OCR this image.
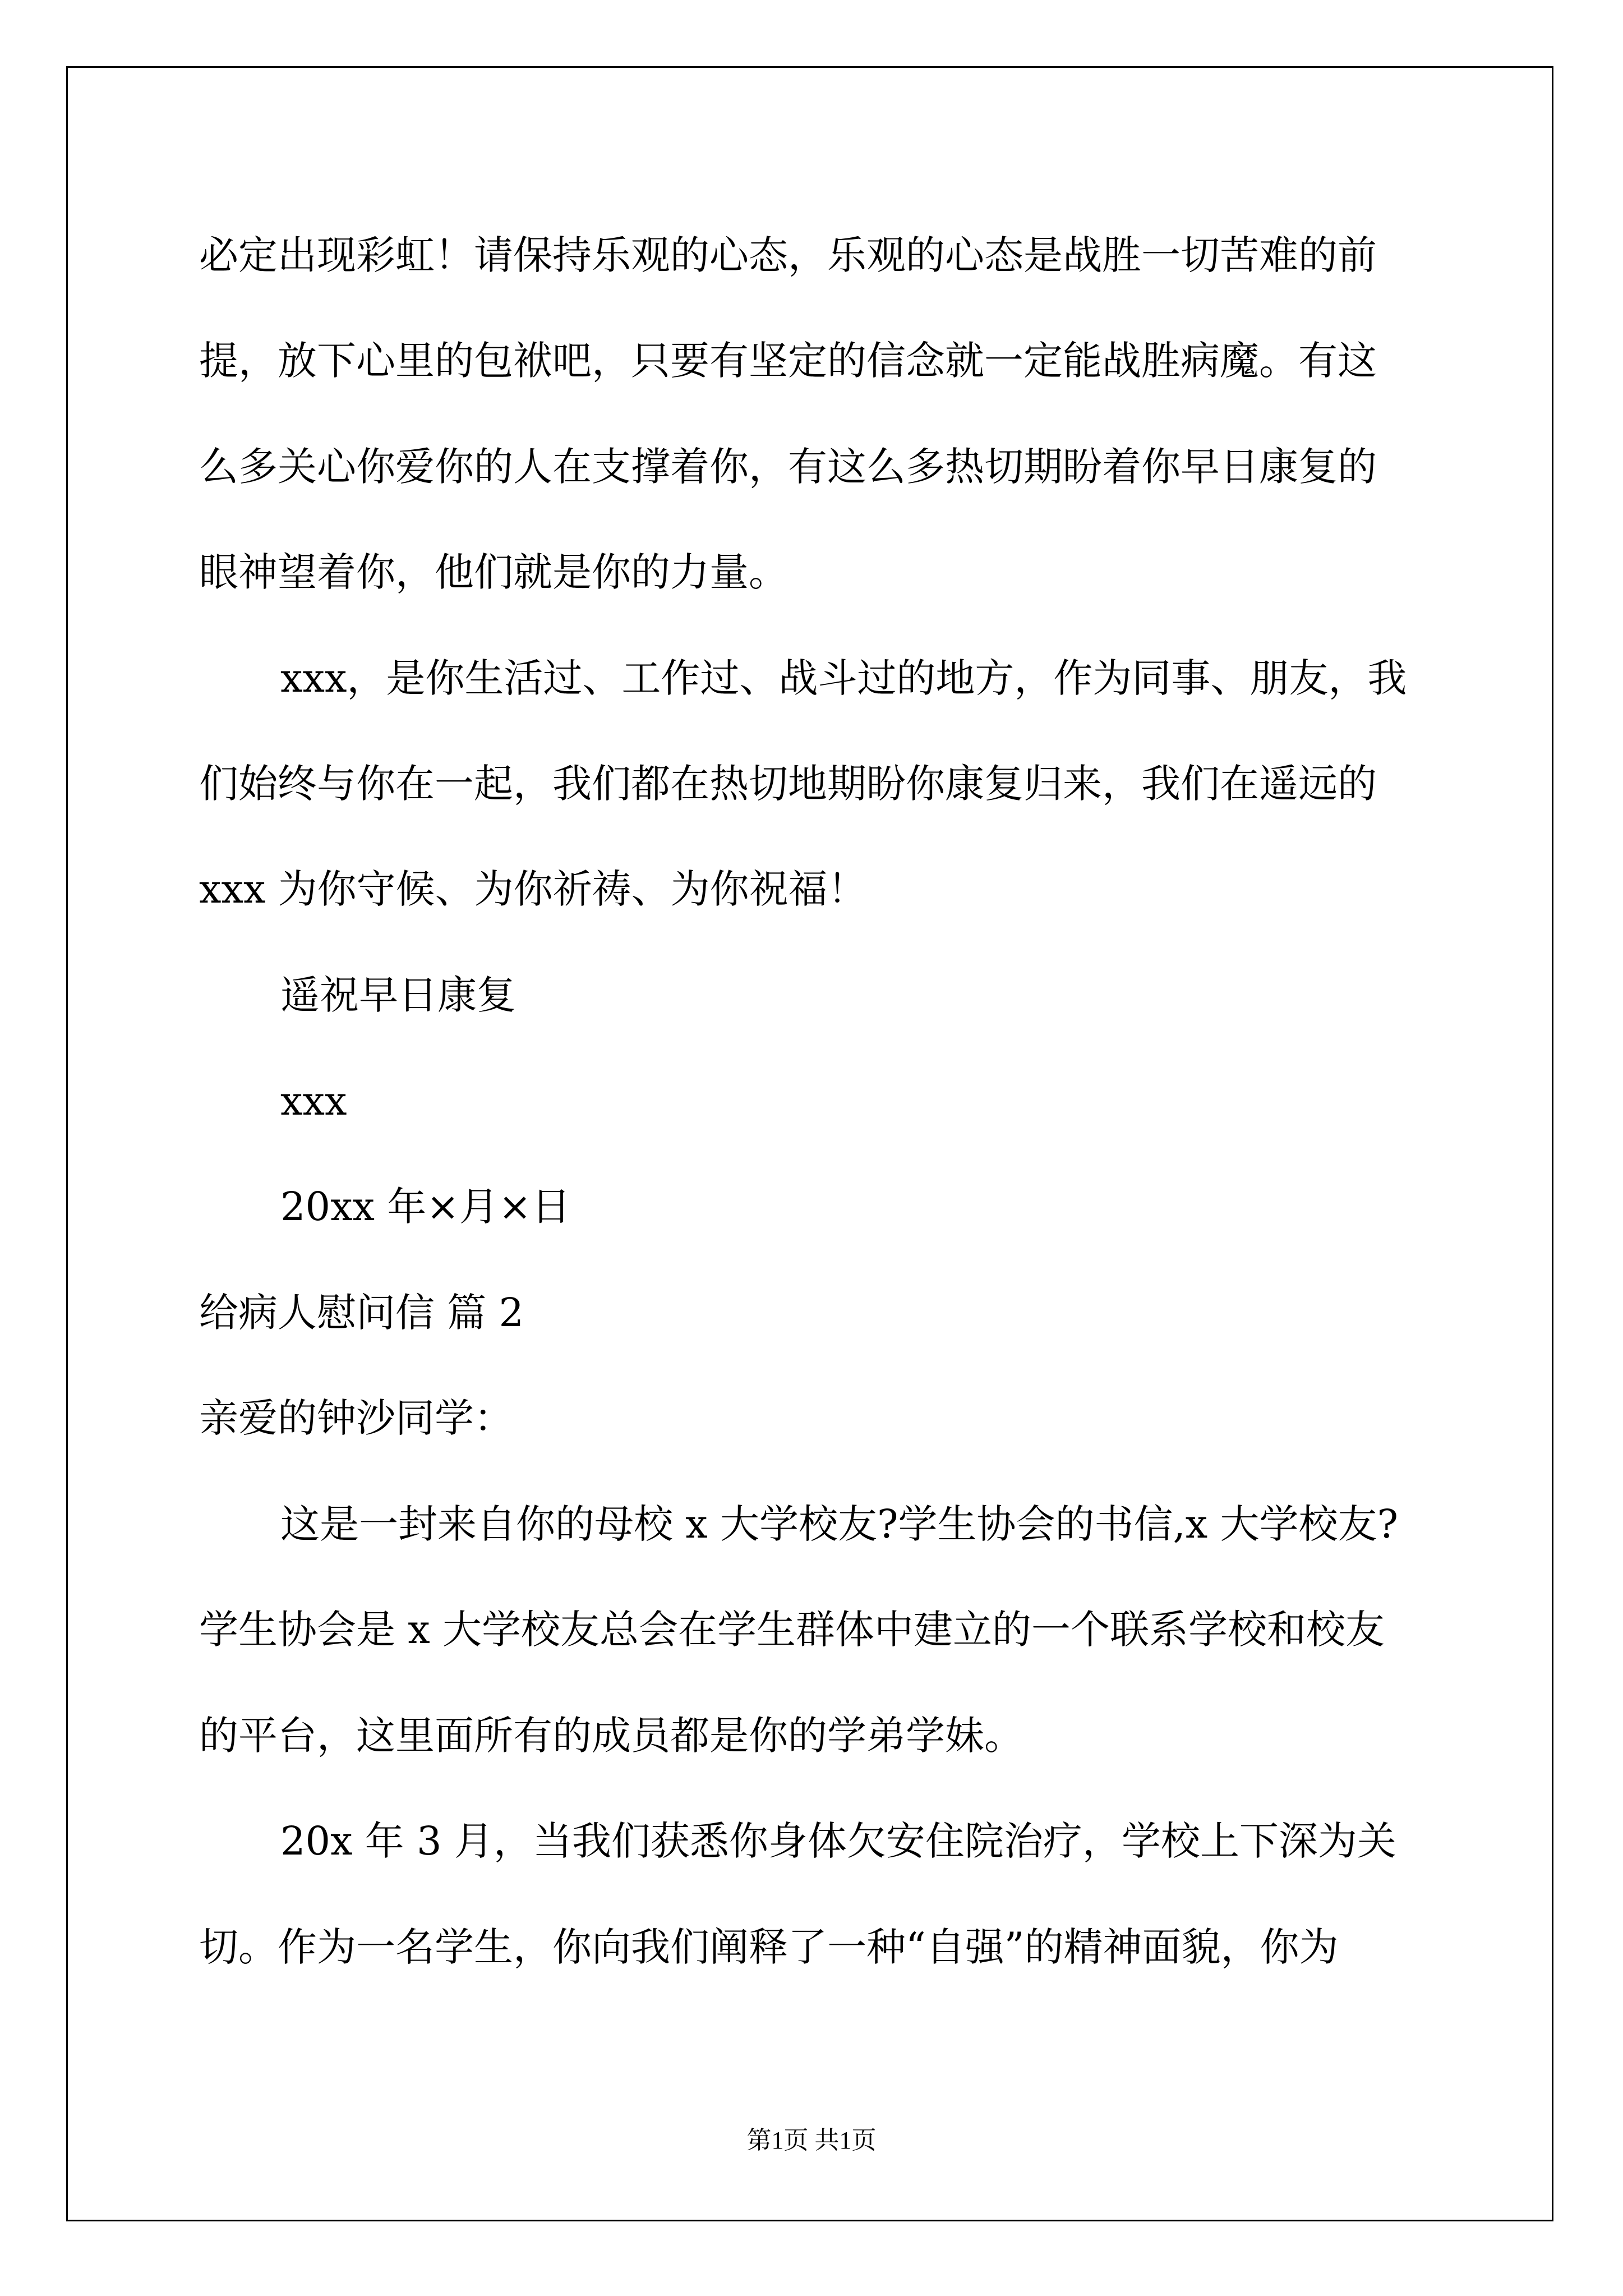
必定出现彩虹！请保持乐观的心态，乐观的心态是战胜一切苦难的前
提，放下心里的包袱吧，只要有坚定的信念就一定能战胜病魔。有这
么多关心你爱你的人在支撑着你，有这么多热切期盼着你早日康复的
眼神望着你，他们就是你的力量。
xxx，是你生活过、工作过、战斗过的地方，作为同事、朋友，我
们始终与你在一起，我们都在热切地期盼你康复归来，我们在遥远的
xxx 为你守候、为你祈祷、为你祝福！
遥祝早日康复
xxx
20xx 年×月×日
给病人慰问信 篇 2
亲爱的钟沙同学：
这是一封来自你的母校 x 大学校友?学生协会的书信,x 大学校友?
学生协会是 x 大学校友总会在学生群体中建立的一个联系学校和校友
的平台，这里面所有的成员都是你的学弟学妹。
20x 年 3 月，当我们获悉你身体欠安住院治疗，学校上下深为关
切。作为一名学生，你向我们阐释了一种“自强”的精神面貌，你为
第1页 共1页
